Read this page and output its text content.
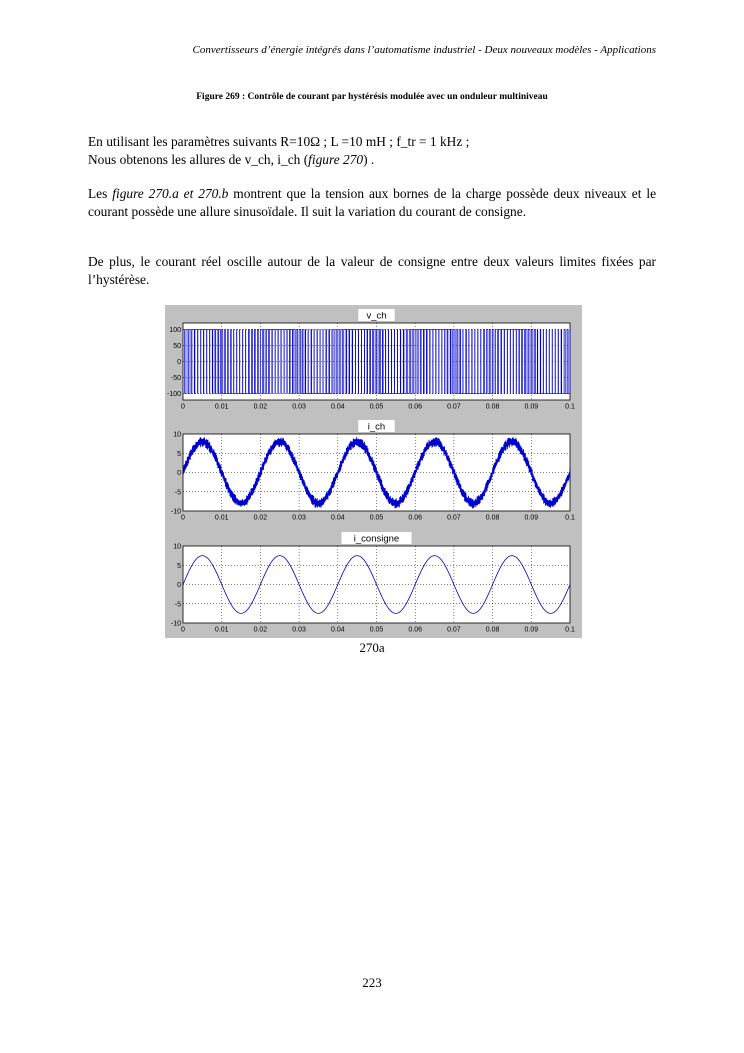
Convertisseurs d’énergie intégrés dans l’automatisme industriel - Deux nouveaux modèles - Applications
Figure 269 : Contrôle de courant par hystérésis modulée avec un onduleur multiniveau

En utilisant les paramètres suivants R=10Ω ; L =10 mH ; f_tr = 1 kHz ;
Nous obtenons les allures de v_ch, i_ch (figure 270) .

Les figure 270.a et 270.b montrent que la tension aux bornes de la charge possède deux niveaux et le courant possède une allure sinusoïdale. Il suit la variation du courant de consigne.

De plus, le courant réel oscille autour de la valeur de consigne entre deux valeurs limites fixées par l’hystérèse.

v_ch
0	0.01	0.02	0.03	0.04	0.05	0.06	0.07	0.08	0.09	0.1
100
50
0
-50
-100
i_ch
0	0.01	0.02	0.03	0.04	0.05	0.06	0.07	0.08	0.09	0.1
10
5
0
-5
-10
i_consigne
0	0.01	0.02	0.03	0.04	0.05	0.06	0.07	0.08	0.09	0.1
10
5
0
-5
-10
270a
223
